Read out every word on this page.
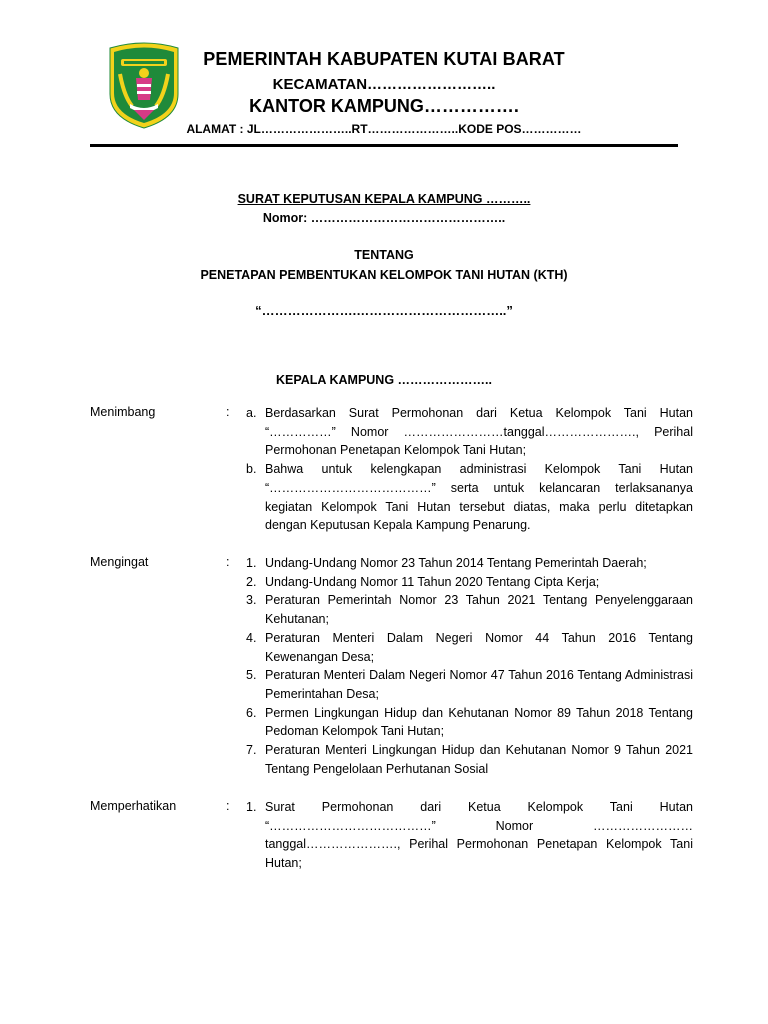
PEMERINTAH KABUPATEN KUTAI BARAT
KECAMATAN……………………..
KANTOR KAMPUNG…………….
ALAMAT : JL…………………..RT…………………..KODE POS……………
SURAT KEPUTUSAN KEPALA KAMPUNG ………..
Nomor: ………………………………………..
TENTANG
PENETAPAN PEMBENTUKAN KELOMPOK TANI HUTAN (KTH)
“………………….……………………………..”
KEPALA KAMPUNG …………………..
Menimbang	: a. Berdasarkan Surat Permohonan dari Ketua Kelompok Tani Hutan “……………” Nomor ……………………tanggal…………………., Perihal Permohonan Penetapan Kelompok Tani Hutan;
b. Bahwa untuk kelengkapan administrasi Kelompok Tani Hutan “…………………………………” serta untuk kelancaran terlaksananya kegiatan Kelompok Tani Hutan tersebut diatas, maka perlu ditetapkan dengan Keputusan Kepala Kampung Penarung.
Mengingat	: 1. Undang-Undang Nomor 23 Tahun 2014 Tentang Pemerintah Daerah;
2. Undang-Undang Nomor 11 Tahun 2020 Tentang Cipta Kerja;
3. Peraturan Pemerintah Nomor 23 Tahun 2021 Tentang Penyelenggaraan Kehutanan;
4. Peraturan Menteri Dalam Negeri Nomor 44 Tahun 2016 Tentang Kewenangan Desa;
5. Peraturan Menteri Dalam Negeri Nomor 47 Tahun 2016 Tentang Administrasi Pemerintahan Desa;
6. Permen Lingkungan Hidup dan Kehutanan Nomor 89 Tahun 2018 Tentang Pedoman Kelompok Tani Hutan;
7. Peraturan Menteri Lingkungan Hidup dan Kehutanan Nomor 9 Tahun 2021 Tentang Pengelolaan Perhutanan Sosial
Memperhatikan	: 1. Surat Permohonan dari Ketua Kelompok Tani Hutan “…………………………………” Nomor ……………………tanggal…………………., Perihal Permohonan Penetapan Kelompok Tani Hutan;
